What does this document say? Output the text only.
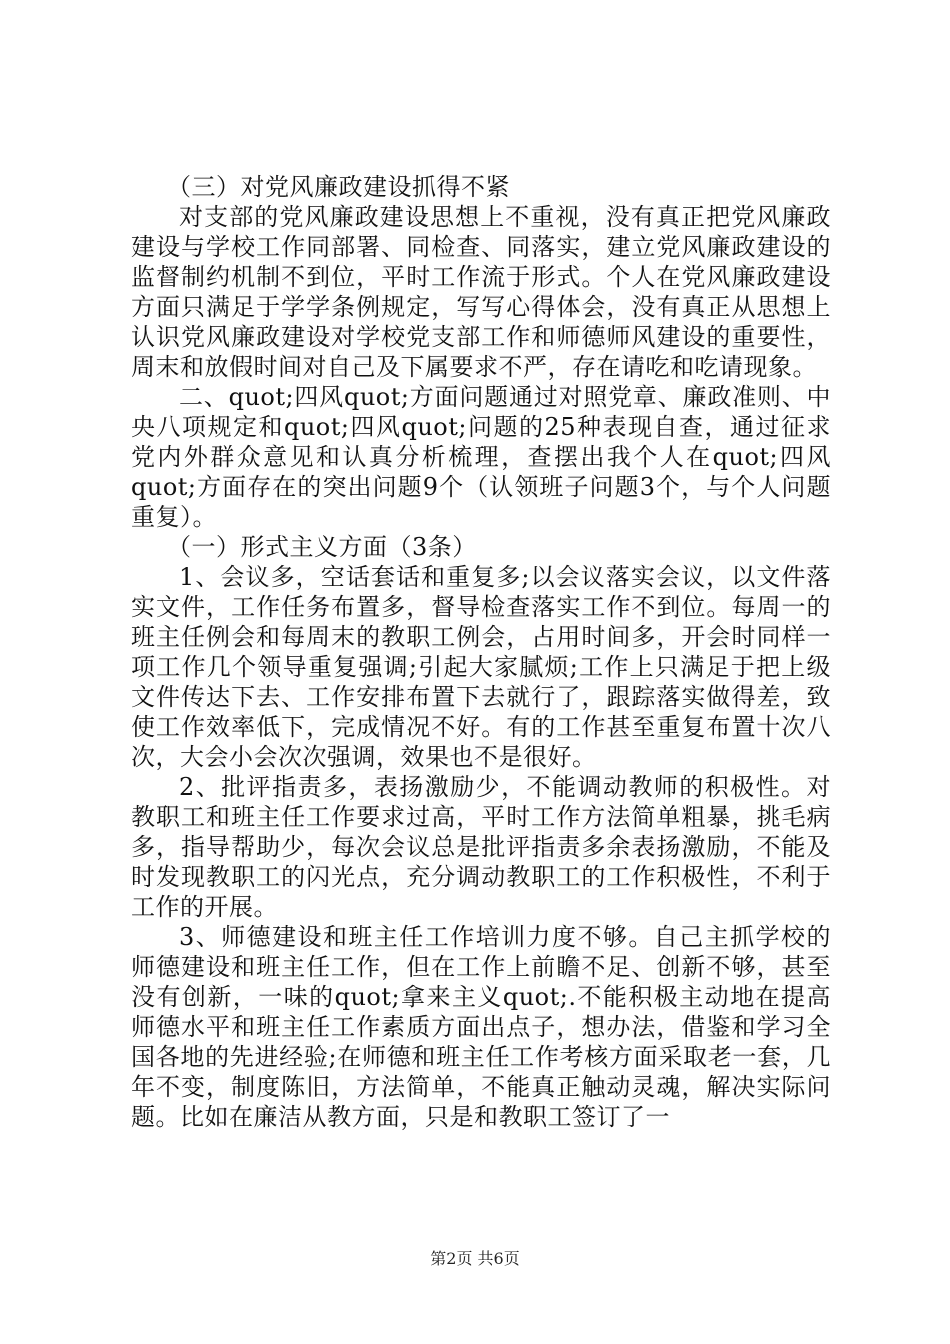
（三）对党风廉政建设抓得不紧

对支部的党风廉政建设思想上不重视，没有真正把党风廉政建设与学校工作同部署、同检查、同落实，建立党风廉政建设的监督制约机制不到位，平时工作流于形式。个人在党风廉政建设方面只满足于学学条例规定，写写心得体会，没有真正从思想上认识党风廉政建设对学校党支部工作和师德师风建设的重要性，周末和放假时间对自己及下属要求不严，存在请吃和吃请现象。

二、quot;四风quot;方面问题通过对照党章、廉政准则、中央八项规定和quot;四风quot;问题的25种表现自查，通过征求党内外群众意见和认真分析梳理，查摆出我个人在quot;四风quot;方面存在的突出问题9个（认领班子问题3个，与个人问题重复）。

（一）形式主义方面（3条）

1、会议多，空话套话和重复多;以会议落实会议，以文件落实文件，工作任务布置多，督导检查落实工作不到位。每周一的班主任例会和每周末的教职工例会，占用时间多，开会时同样一项工作几个领导重复强调;引起大家腻烦;工作上只满足于把上级文件传达下去、工作安排布置下去就行了，跟踪落实做得差，致使工作效率低下，完成情况不好。有的工作甚至重复布置十次八次，大会小会次次强调，效果也不是很好。

2、批评指责多，表扬激励少，不能调动教师的积极性。对教职工和班主任工作要求过高，平时工作方法简单粗暴，挑毛病多，指导帮助少，每次会议总是批评指责多余表扬激励，不能及时发现教职工的闪光点，充分调动教职工的工作积极性，不利于工作的开展。

3、师德建设和班主任工作培训力度不够。自己主抓学校的师德建设和班主任工作，但在工作上前瞻不足、创新不够，甚至没有创新，一味的quot;拿来主义quot;.不能积极主动地在提高师德水平和班主任工作素质方面出点子，想办法，借鉴和学习全国各地的先进经验;在师德和班主任工作考核方面采取老一套，几年不变，制度陈旧，方法简单，不能真正触动灵魂，解决实际问题。比如在廉洁从教方面，只是和教职工签订了一

第2页 共6页
